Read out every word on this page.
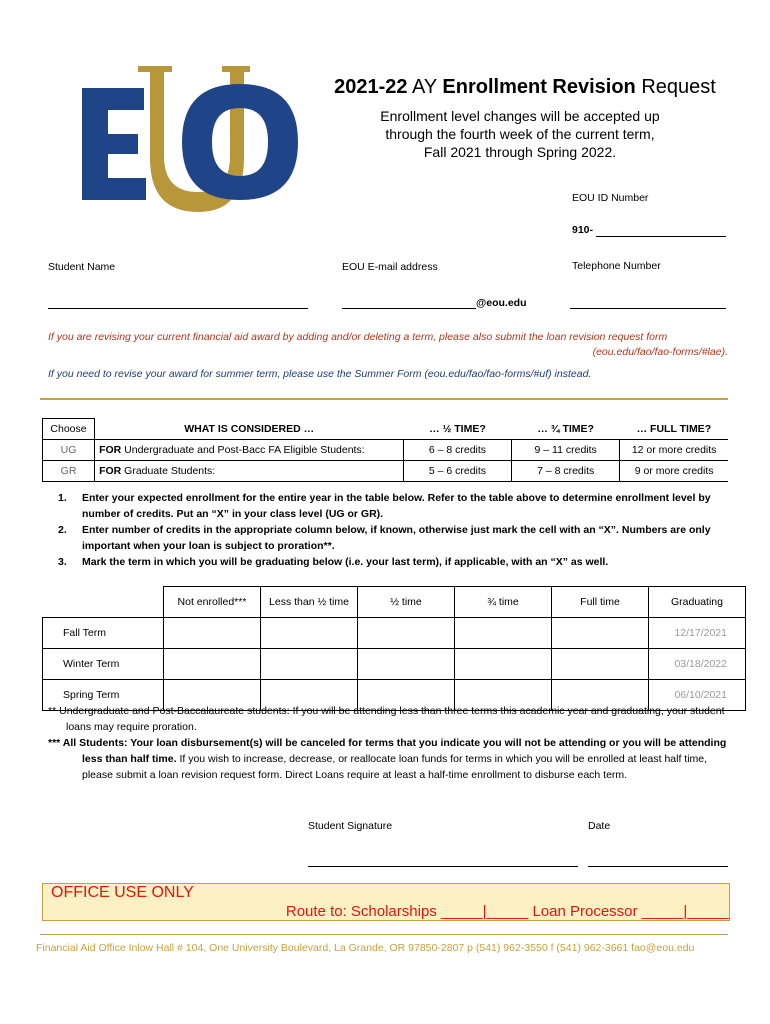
2021-22 AY Enrollment Revision Request
Enrollment level changes will be accepted up
through the fourth week of the current term,
Fall 2021 through Spring 2022.
EOU ID Number
910-
Student Name	EOU E-mail address	Telephone Number
@eou.edu
If you are revising your current financial aid award by adding and/or deleting a term, please also submit the loan revision request form
(eou.edu/fao/fao-forms/#lae).
If you need to revise your award for summer term, please use the Summer Form (eou.edu/fao/fao-forms/#uf) instead.
Choose	WHAT IS CONSIDERED …	… ½ TIME?	… ¾ TIME?	… FULL TIME?
UG	FOR Undergraduate and Post-Bacc FA Eligible Students:	6 – 8 credits	9 – 11 credits	12 or more credits
GR	FOR Graduate Students:	5 – 6 credits	7 – 8 credits	9 or more credits
1. Enter your expected enrollment for the entire year in the table below. Refer to the table above to determine enrollment level by number of credits. Put an “X” in your class level (UG or GR).
2. Enter number of credits in the appropriate column below, if known, otherwise just mark the cell with an “X”. Numbers are only important when your loan is subject to proration**.
3. Mark the term in which you will be graduating below (i.e. your last term), if applicable, with an “X” as well.
	Not enrolled***	Less than ½ time	½ time	¾ time	Full time	Graduating
Fall Term						12/17/2021
Winter Term						03/18/2022
Spring Term						06/10/2021
** Undergraduate and Post-Baccalaureate students: If you will be attending less than three terms this academic year and graduating, your student loans may require proration.
*** All Students: Your loan disbursement(s) will be canceled for terms that you indicate you will not be attending or you will be attending less than half time. If you wish to increase, decrease, or reallocate loan funds for terms in which you will be enrolled at least half time, please submit a loan revision request form. Direct Loans require at least a half-time enrollment to disburse each term.
Student Signature	Date
OFFICE USE ONLY
Route to: Scholarships _____|_____ Loan Processor _____|_____
Financial Aid Office Inlow Hall # 104, One University Boulevard, La Grande, OR 97850-2807 p (541) 962-3550 f (541) 962-3661 fao@eou.edu
